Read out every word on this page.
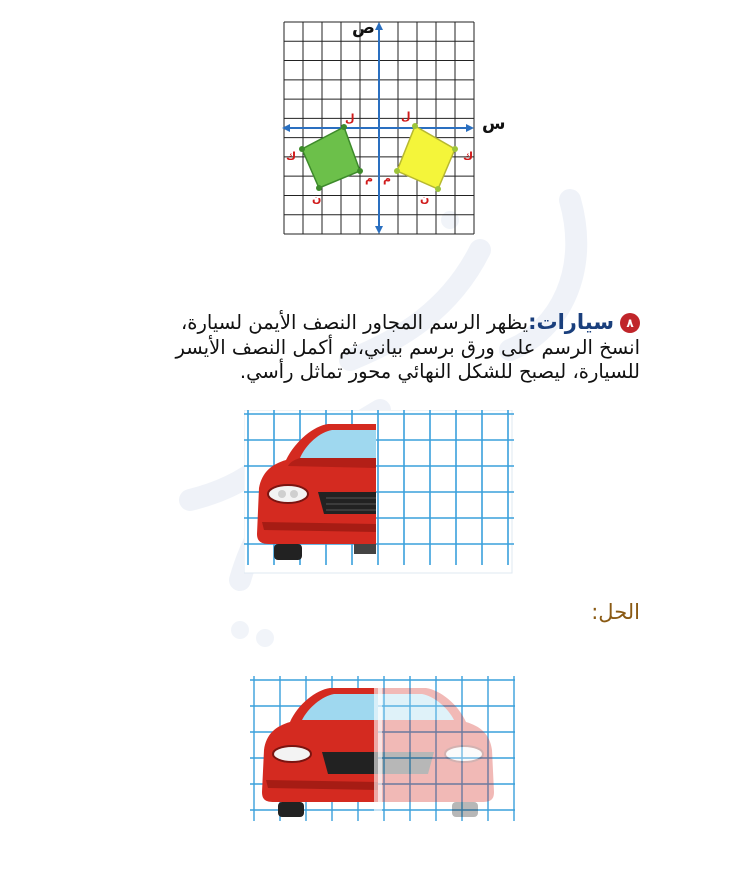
ص
س
ل
ك
ن
م
ل
ك
ن
م
٨سيارات:يظهر الرسم المجاور النصف الأيمن لسيارة، انسخ الرسم على ورق برسم بياني،ثم أكمل النصف الأيسر للسيارة، ليصبح للشكل النهائي محور تماثل رأسي.
الحل:
